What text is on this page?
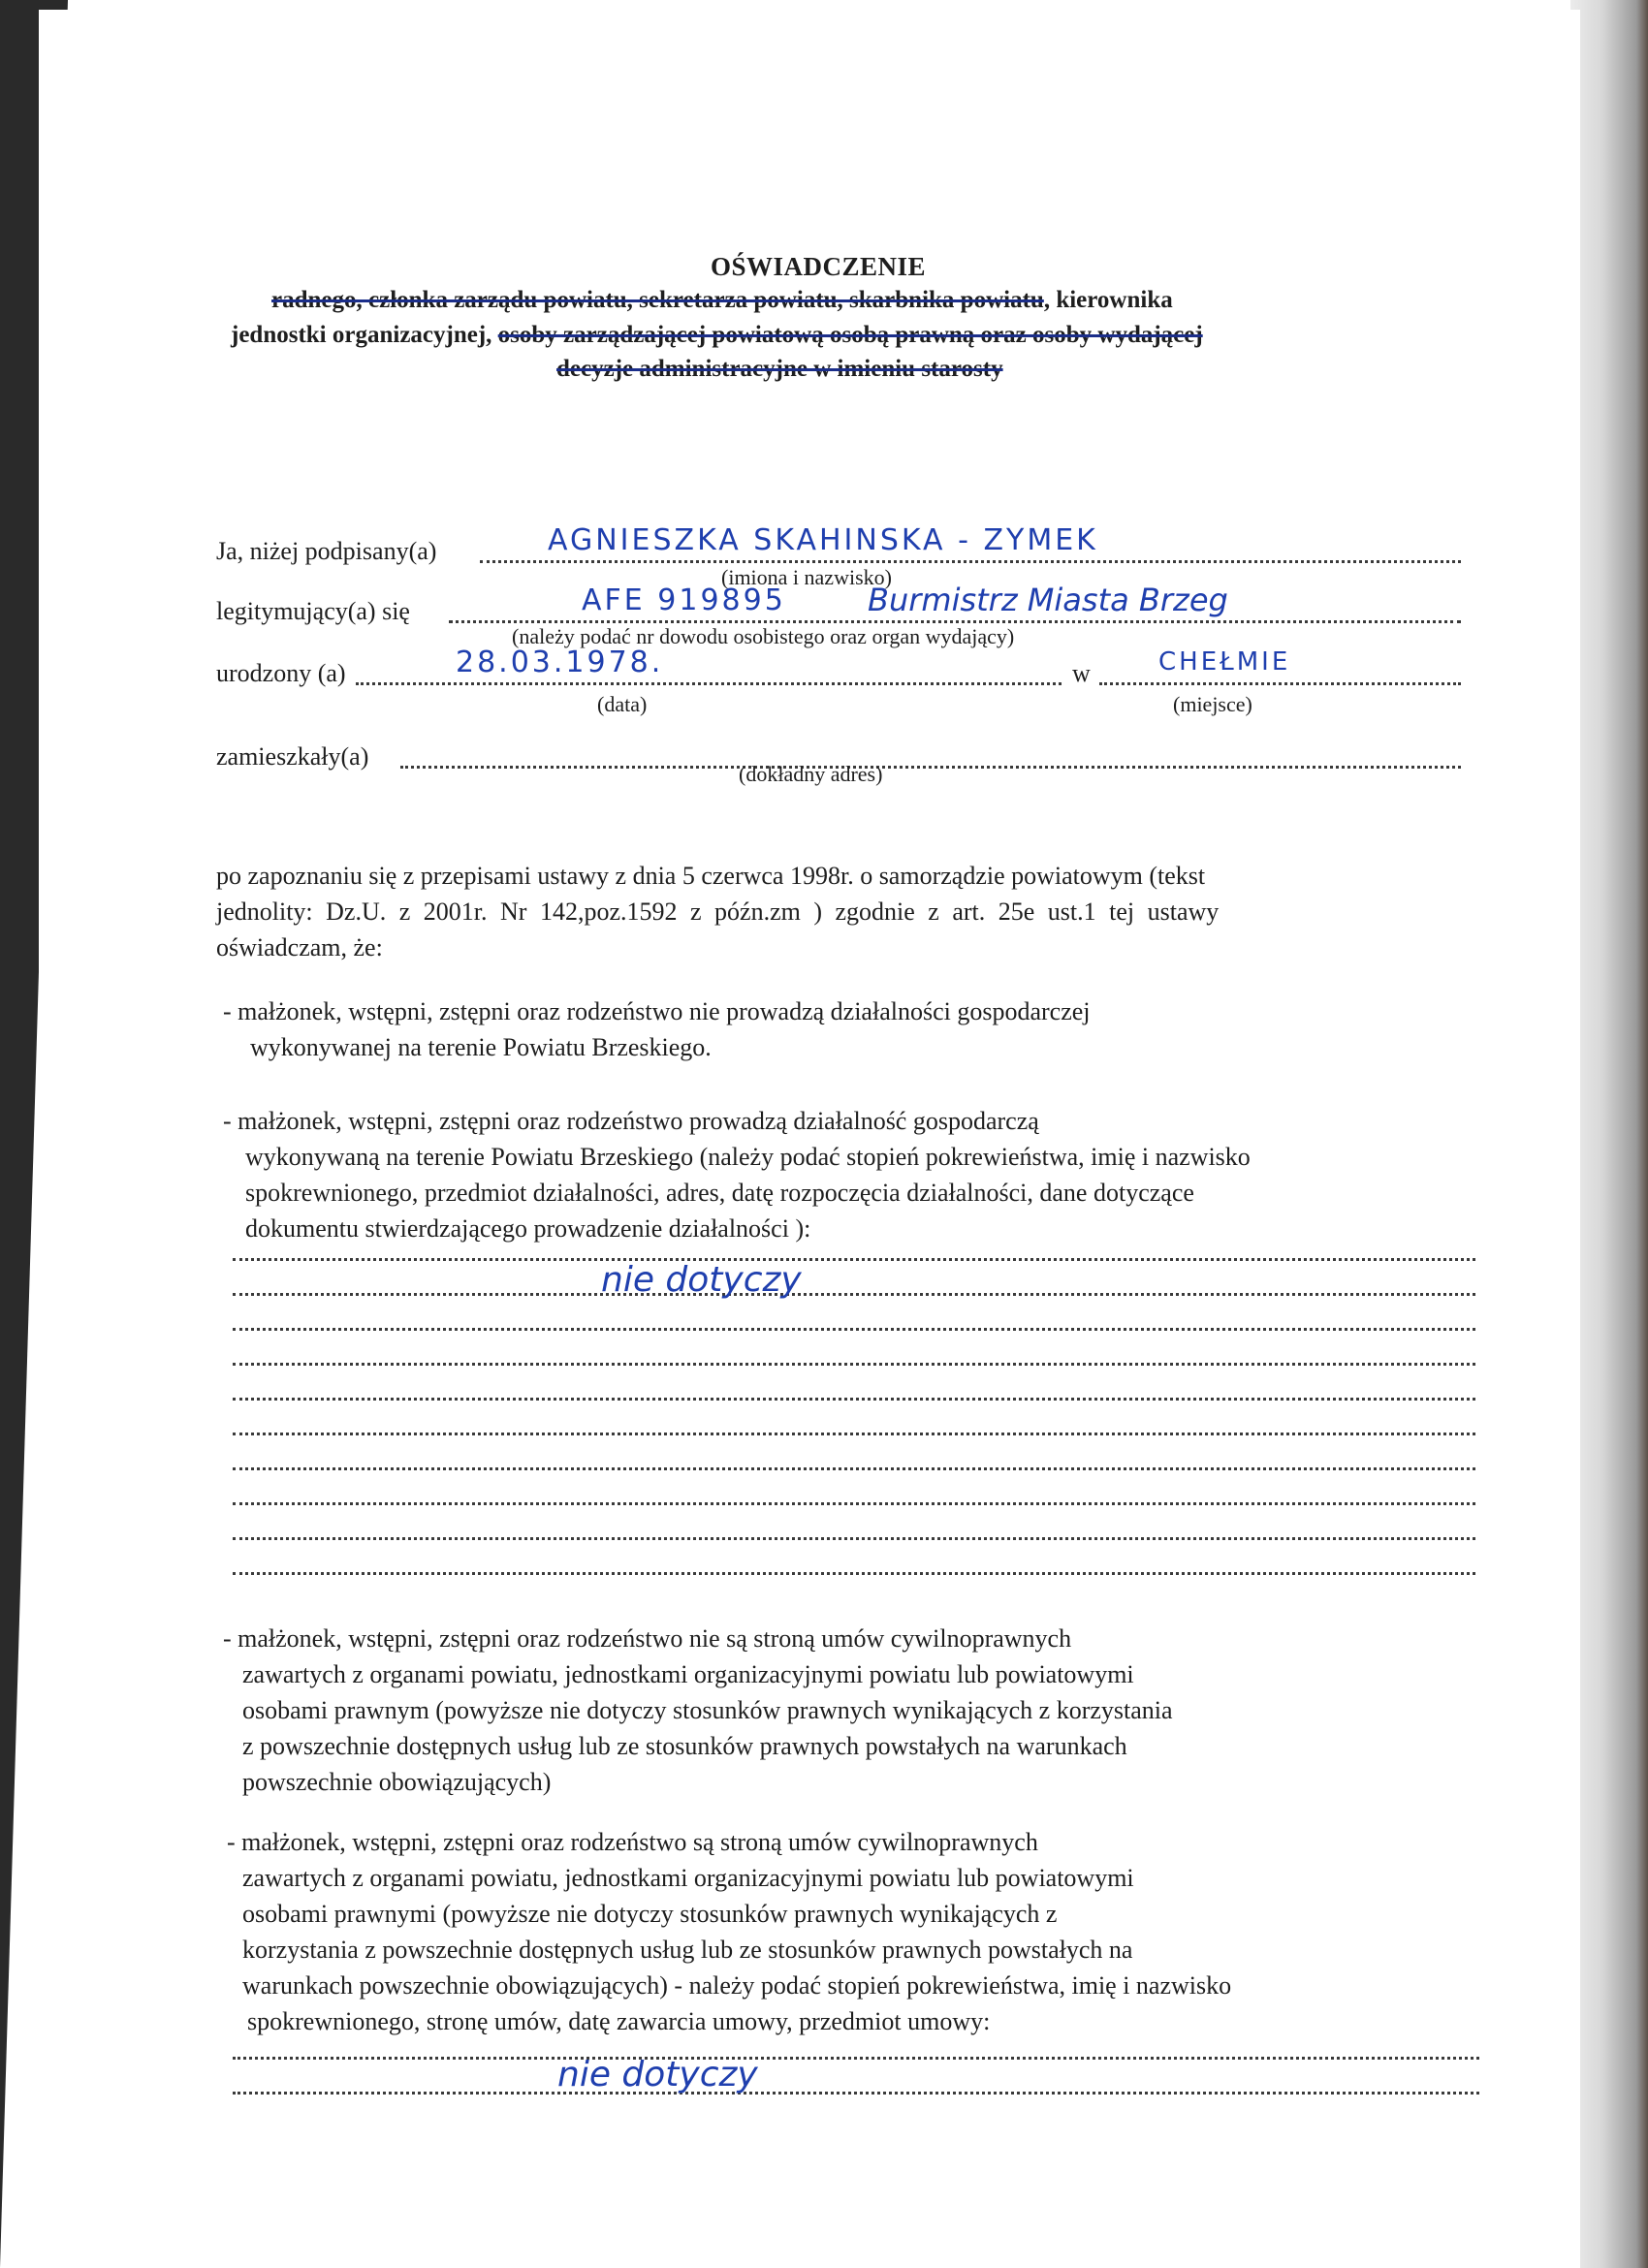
OŚWIADCZENIE
radnego, członka zarządu powiatu, sekretarza powiatu, skarbnika powiatu, kierownika
jednostki organizacyjnej, osoby zarządzającej powiatową osobą prawną oraz osoby wydającej
decyzje administracyjne w imieniu starosty
Ja, niżej podpisany(a)	AGNIESZKA SKAHINSKA - ZYMEK
(imiona i nazwisko)
legitymujący(a) się	AFE 919895	Burmistrz Miasta Brzeg
(należy podać nr dowodu osobistego oraz organ wydający)
urodzony (a)	28.03.1978.	w	CHEŁMIE
(data)	(miejsce)
zamieszkały(a)
(dokładny adres)
po zapoznaniu się z przepisami ustawy z dnia 5 czerwca 1998r. o samorządzie powiatowym (tekst
jednolity: Dz.U. z 2001r. Nr 142,poz.1592 z późn.zm ) zgodnie z art. 25e ust.1 tej ustawy
oświadczam, że:
- małżonek, wstępni, zstępni oraz rodzeństwo nie prowadzą działalności gospodarczej
wykonywanej na terenie Powiatu Brzeskiego.
- małżonek, wstępni, zstępni oraz rodzeństwo prowadzą działalność gospodarczą
wykonywaną na terenie Powiatu Brzeskiego (należy podać stopień pokrewieństwa, imię i nazwisko
spokrewnionego, przedmiot działalności, adres, datę rozpoczęcia działalności, dane dotyczące
dokumentu stwierdzającego prowadzenie działalności ):
nie dotyczy
- małżonek, wstępni, zstępni oraz rodzeństwo nie są stroną umów cywilnoprawnych
zawartych z organami powiatu, jednostkami organizacyjnymi powiatu lub powiatowymi
osobami prawnym (powyższe nie dotyczy stosunków prawnych wynikających z korzystania
z powszechnie dostępnych usług lub ze stosunków prawnych powstałych na warunkach
powszechnie obowiązujących)
- małżonek, wstępni, zstępni oraz rodzeństwo są stroną umów cywilnoprawnych
zawartych z organami powiatu, jednostkami organizacyjnymi powiatu lub powiatowymi
osobami prawnymi (powyższe nie dotyczy stosunków prawnych wynikających z
korzystania z powszechnie dostępnych usług lub ze stosunków prawnych powstałych na
warunkach powszechnie obowiązujących) - należy podać stopień pokrewieństwa, imię i nazwisko
spokrewnionego, stronę umów, datę zawarcia umowy, przedmiot umowy:
nie dotyczy
